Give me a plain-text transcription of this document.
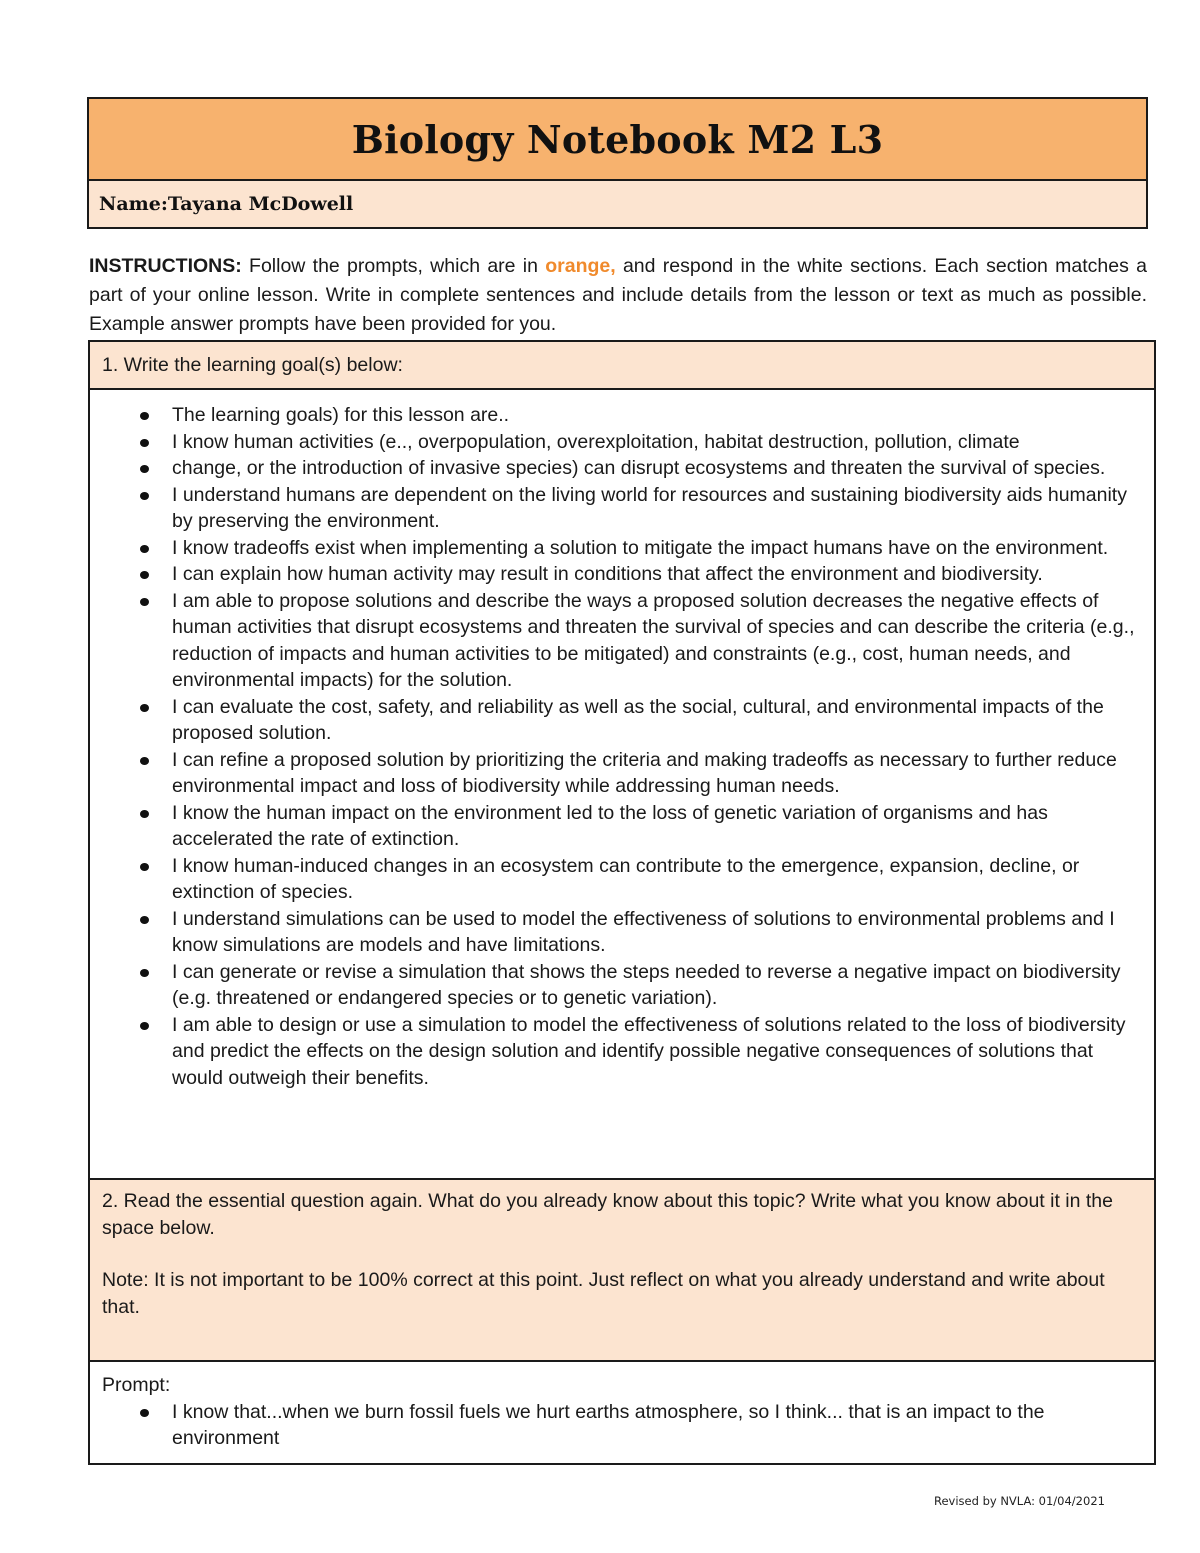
Biology Notebook M2 L3
Name:Tayana McDowell

INSTRUCTIONS: Follow the prompts, which are in orange, and respond in the white sections. Each section matches a part of your online lesson. Write in complete sentences and include details from the lesson or text as much as possible. Example answer prompts have been provided for you.

1. Write the learning goal(s) below:

The learning goals) for this lesson are..
I know human activities (e.., overpopulation, overexploitation, habitat destruction, pollution, climate
change, or the introduction of invasive species) can disrupt ecosystems and threaten the survival of species.
I understand humans are dependent on the living world for resources and sustaining biodiversity aids humanity by preserving the environment.
I know tradeoffs exist when implementing a solution to mitigate the impact humans have on the environment.
I can explain how human activity may result in conditions that affect the environment and biodiversity.
I am able to propose solutions and describe the ways a proposed solution decreases the negative effects of human activities that disrupt ecosystems and threaten the survival of species and can describe the criteria (e.g., reduction of impacts and human activities to be mitigated) and constraints (e.g., cost, human needs, and environmental impacts) for the solution.
I can evaluate the cost, safety, and reliability as well as the social, cultural, and environmental impacts of the proposed solution.
I can refine a proposed solution by prioritizing the criteria and making tradeoffs as necessary to further reduce environmental impact and loss of biodiversity while addressing human needs.
I know the human impact on the environment led to the loss of genetic variation of organisms and has accelerated the rate of extinction.
I know human-induced changes in an ecosystem can contribute to the emergence, expansion, decline, or extinction of species.
I understand simulations can be used to model the effectiveness of solutions to environmental problems and I know simulations are models and have limitations.
I can generate or revise a simulation that shows the steps needed to reverse a negative impact on biodiversity (e.g. threatened or endangered species or to genetic variation).
I am able to design or use a simulation to model the effectiveness of solutions related to the loss of biodiversity and predict the effects on the design solution and identify possible negative consequences of solutions that would outweigh their benefits.

2. Read the essential question again. What do you already know about this topic? Write what you know about it in the space below.

Note: It is not important to be 100% correct at this point. Just reflect on what you already understand and write about that.

Prompt:

I know that...when we burn fossil fuels we hurt earths atmosphere, so I think... that is an impact to the environment
Revised by NVLA: 01/04/2021
